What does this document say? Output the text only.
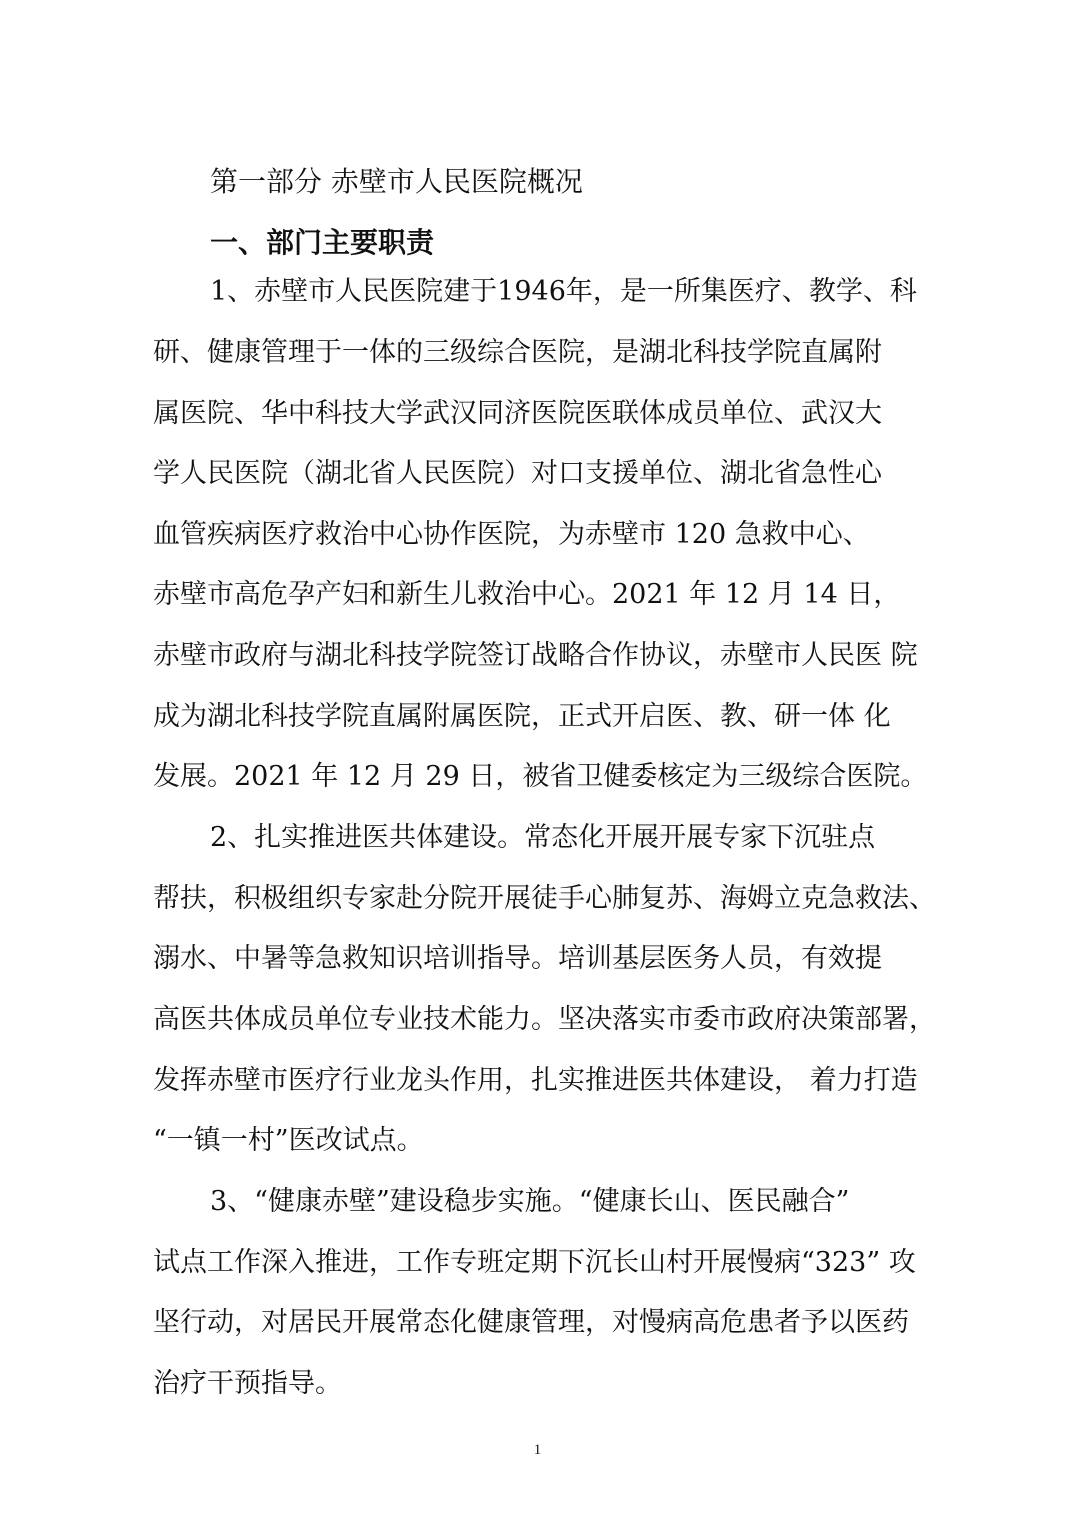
第一部分 赤壁市人民医院概况
一、部门主要职责
1、赤壁市人民医院建于1946年，是一所集医疗、教学、科
研、健康管理于一体的三级综合医院，是湖北科技学院直属附
属医院、华中科技大学武汉同济医院医联体成员单位、武汉大
学人民医院（湖北省人民医院）对口支援单位、湖北省急性心
血管疾病医疗救治中心协作医院，为赤壁市 120 急救中心、
赤壁市高危孕产妇和新生儿救治中心。2021 年 12 月 14 日，
赤壁市政府与湖北科技学院签订战略合作协议，赤壁市人民医 院
成为湖北科技学院直属附属医院，正式开启医、教、研一体 化
发展。2021 年 12 月 29 日，被省卫健委核定为三级综合医院。
2、扎实推进医共体建设。常态化开展开展专家下沉驻点
帮扶，积极组织专家赴分院开展徒手心肺复苏、海姆立克急救法、
溺水、中暑等急救知识培训指导。培训基层医务人员，有效提
高医共体成员单位专业技术能力。坚决落实市委市政府决策部署，
发挥赤壁市医疗行业龙头作用，扎实推进医共体建设， 着力打造
“一镇一村”医改试点。
3、“健康赤壁”建设稳步实施。“健康长山、医民融合”
试点工作深入推进，工作专班定期下沉长山村开展慢病“323” 攻
坚行动，对居民开展常态化健康管理，对慢病高危患者予以医药
治疗干预指导。
1
